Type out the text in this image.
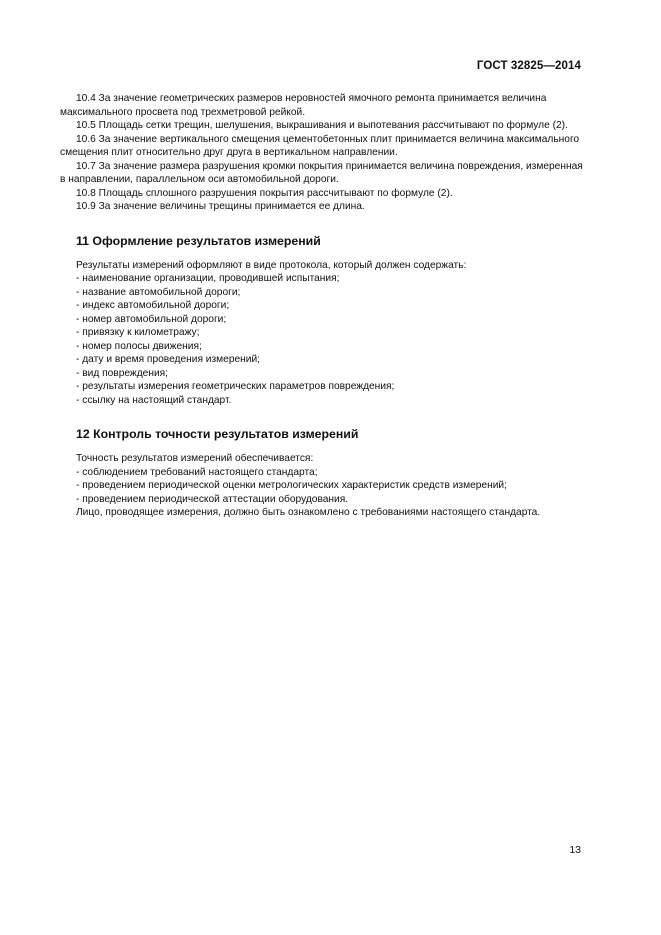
ГОСТ 32825—2014

10.4 За значение геометрических размеров неровностей ямочного ремонта принимается величина максимального просвета под трехметровой рейкой.

10.5 Площадь сетки трещин, шелушения, выкрашивания и выпотевания рассчитывают по формуле (2).

10.6 За значение вертикального смещения цементобетонных плит принимается величина максимального смещения плит относительно друг друга в вертикальном направлении.

10.7 За значение размера разрушения кромки покрытия принимается величина повреждения, измеренная в направлении, параллельном оси автомобильной дороги.

10.8 Площадь сплошного разрушения покрытия рассчитывают по формуле (2).

10.9 За значение величины трещины принимается ее длина.

11 Оформление результатов измерений

Результаты измерений оформляют в виде протокола, который должен содержать:

- наименование организации, проводившей испытания;
- название автомобильной дороги;
- индекс автомобильной дороги;
- номер автомобильной дороги;
- привязку к километражу;
- номер полосы движения;
- дату и время проведения измерений;
- вид повреждения;
- результаты измерения геометрических параметров повреждения;
- ссылку на настоящий стандарт.
12 Контроль точности результатов измерений

Точность результатов измерений обеспечивается:

- соблюдением требований настоящего стандарта;
- проведением периодической оценки метрологических характеристик средств измерений;
- проведением периодической аттестации оборудования.

Лицо, проводящее измерения, должно быть ознакомлено с требованиями настоящего стандарта.

13
